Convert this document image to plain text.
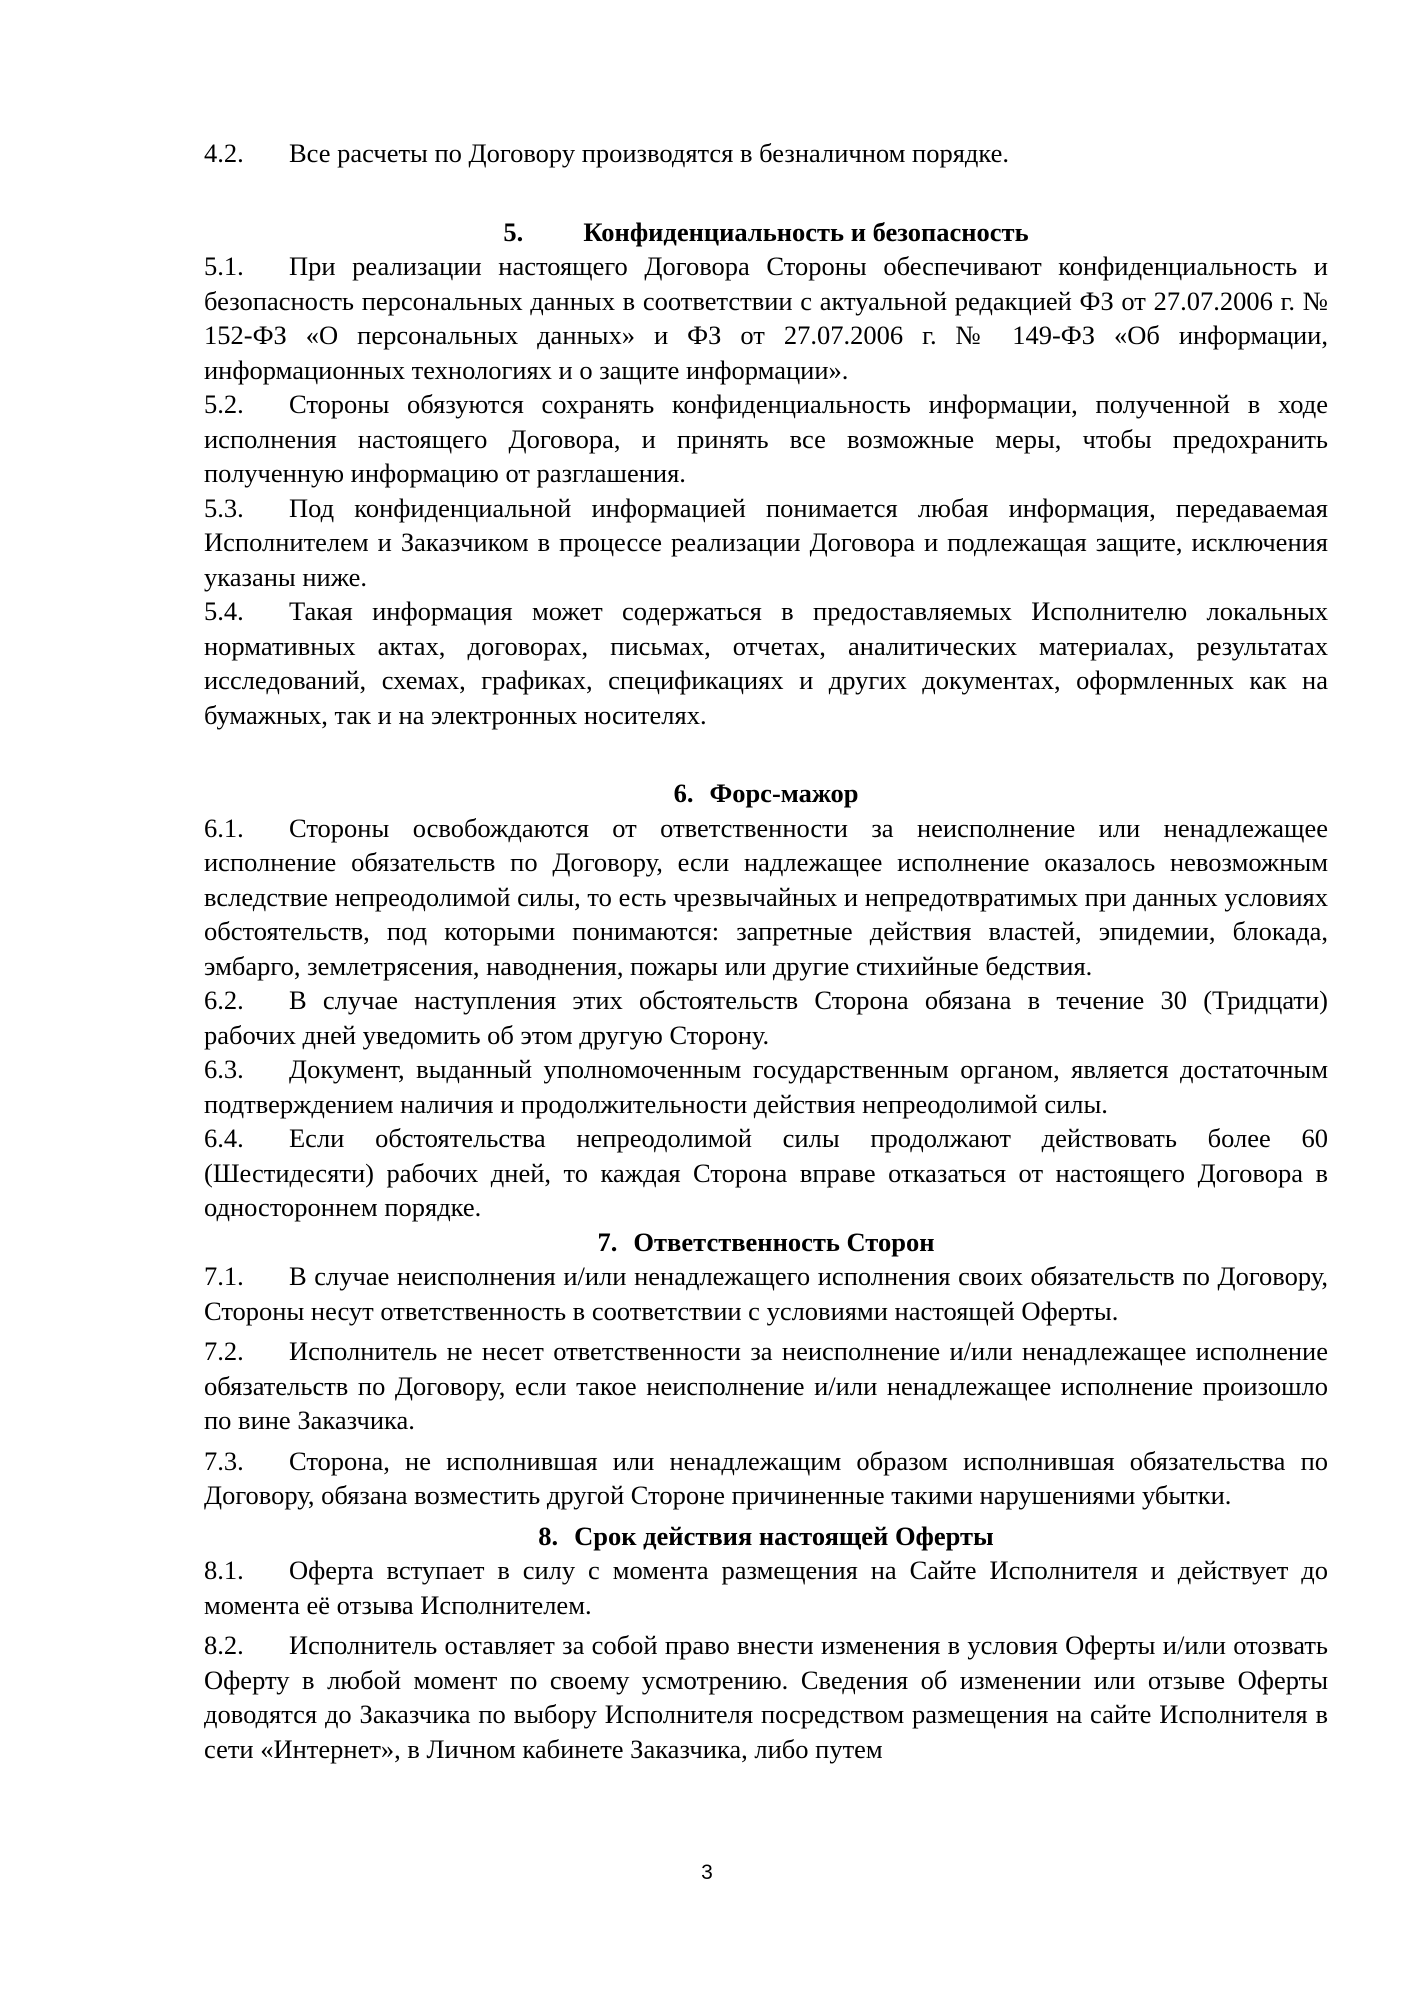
4.2. Все расчеты по Договору производятся в безналичном порядке.

5. Конфиденциальность и безопасность

5.1. При реализации настоящего Договора Стороны обеспечивают конфиденциальность и безопасность персональных данных в соответствии с актуальной редакцией ФЗ от 27.07.2006 г. № 152-ФЗ «О персональных данных» и ФЗ от 27.07.2006 г. № 149-ФЗ «Об информации, информационных технологиях и о защите информации».

5.2. Стороны обязуются сохранять конфиденциальность информации, полученной в ходе исполнения настоящего Договора, и принять все возможные меры, чтобы предохранить полученную информацию от разглашения.

5.3. Под конфиденциальной информацией понимается любая информация, передаваемая Исполнителем и Заказчиком в процессе реализации Договора и подлежащая защите, исключения указаны ниже.

5.4. Такая информация может содержаться в предоставляемых Исполнителю локальных нормативных актах, договорах, письмах, отчетах, аналитических материалах, результатах исследований, схемах, графиках, спецификациях и других документах, оформленных как на бумажных, так и на электронных носителях.

6. Форс-мажор

6.1. Стороны освобождаются от ответственности за неисполнение или ненадлежащее исполнение обязательств по Договору, если надлежащее исполнение оказалось невозможным вследствие непреодолимой силы, то есть чрезвычайных и непредотвратимых при данных условиях обстоятельств, под которыми понимаются: запретные действия властей, эпидемии, блокада, эмбарго, землетрясения, наводнения, пожары или другие стихийные бедствия.

6.2. В случае наступления этих обстоятельств Сторона обязана в течение 30 (Тридцати) рабочих дней уведомить об этом другую Сторону.

6.3. Документ, выданный уполномоченным государственным органом, является достаточным подтверждением наличия и продолжительности действия непреодолимой силы.

6.4. Если обстоятельства непреодолимой силы продолжают действовать более 60 (Шестидесяти) рабочих дней, то каждая Сторона вправе отказаться от настоящего Договора в одностороннем порядке.

7. Ответственность Сторон

7.1. В случае неисполнения и/или ненадлежащего исполнения своих обязательств по Договору, Стороны несут ответственность в соответствии с условиями настоящей Оферты.

7.2. Исполнитель не несет ответственности за неисполнение и/или ненадлежащее исполнение обязательств по Договору, если такое неисполнение и/или ненадлежащее исполнение произошло по вине Заказчика.

7.3. Сторона, не исполнившая или ненадлежащим образом исполнившая обязательства по Договору, обязана возместить другой Стороне причиненные такими нарушениями убытки.

8. Срок действия настоящей Оферты

8.1. Оферта вступает в силу с момента размещения на Сайте Исполнителя и действует до момента её отзыва Исполнителем.

8.2. Исполнитель оставляет за собой право внести изменения в условия Оферты и/или отозвать Оферту в любой момент по своему усмотрению. Сведения об изменении или отзыве Оферты доводятся до Заказчика по выбору Исполнителя посредством размещения на сайте Исполнителя в сети «Интернет», в Личном кабинете Заказчика, либо путем

3
